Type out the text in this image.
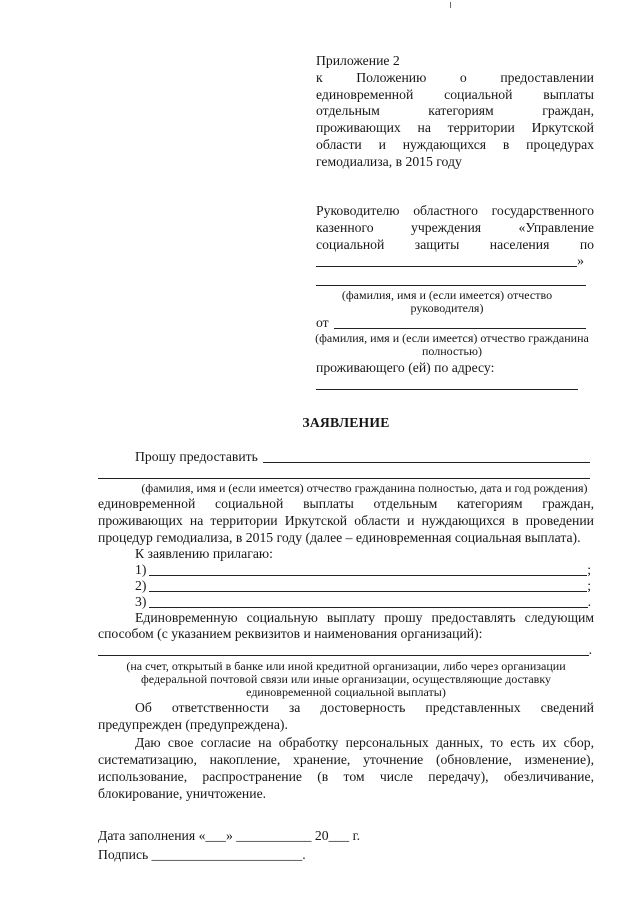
Приложение 2
к Положению о предоставлении
единовременной социальной выплаты
отдельным категориям граждан,
проживающих на территории Иркутской
области и нуждающихся в процедурах
гемодиализа, в 2015 году
Руководителю областного государственного
казенного учреждения «Управление
социальной защиты населения по
»
(фамилия, имя и (если имеется) отчество
руководителя)
от
(фамилия, имя и (если имеется) отчество гражданина
полностью)
проживающего (ей) по адресу:
ЗАЯВЛЕНИЕ
Прошу предоставить
(фамилия, имя и (если имеется) отчество гражданина полностью, дата и год рождения)
единовременной социальной выплаты отдельным категориям граждан,
проживающих на территории Иркутской области и нуждающихся в проведении
процедур гемодиализа, в 2015 году (далее – единовременная социальная выплата).
К заявлению прилагаю:
1)	;
2)	;
3)	.
Единовременную социальную выплату прошу предоставлять следующим
способом (с указанием реквизитов и наименования организаций):
.
(на счет, открытый в банке или иной кредитной организации, либо через организации
федеральной почтовой связи или иные организации, осуществляющие доставку
единовременной социальной выплаты)
Об ответственности за достоверность представленных сведений
предупрежден (предупреждена).
Даю свое согласие на обработку персональных данных, то есть их сбор,
систематизацию, накопление, хранение, уточнение (обновление, изменение),
использование, распространение (в том числе передачу), обезличивание,
блокирование, уничтожение.
Дата заполнения «___» ___________ 20___ г.
Подпись ______________________.
